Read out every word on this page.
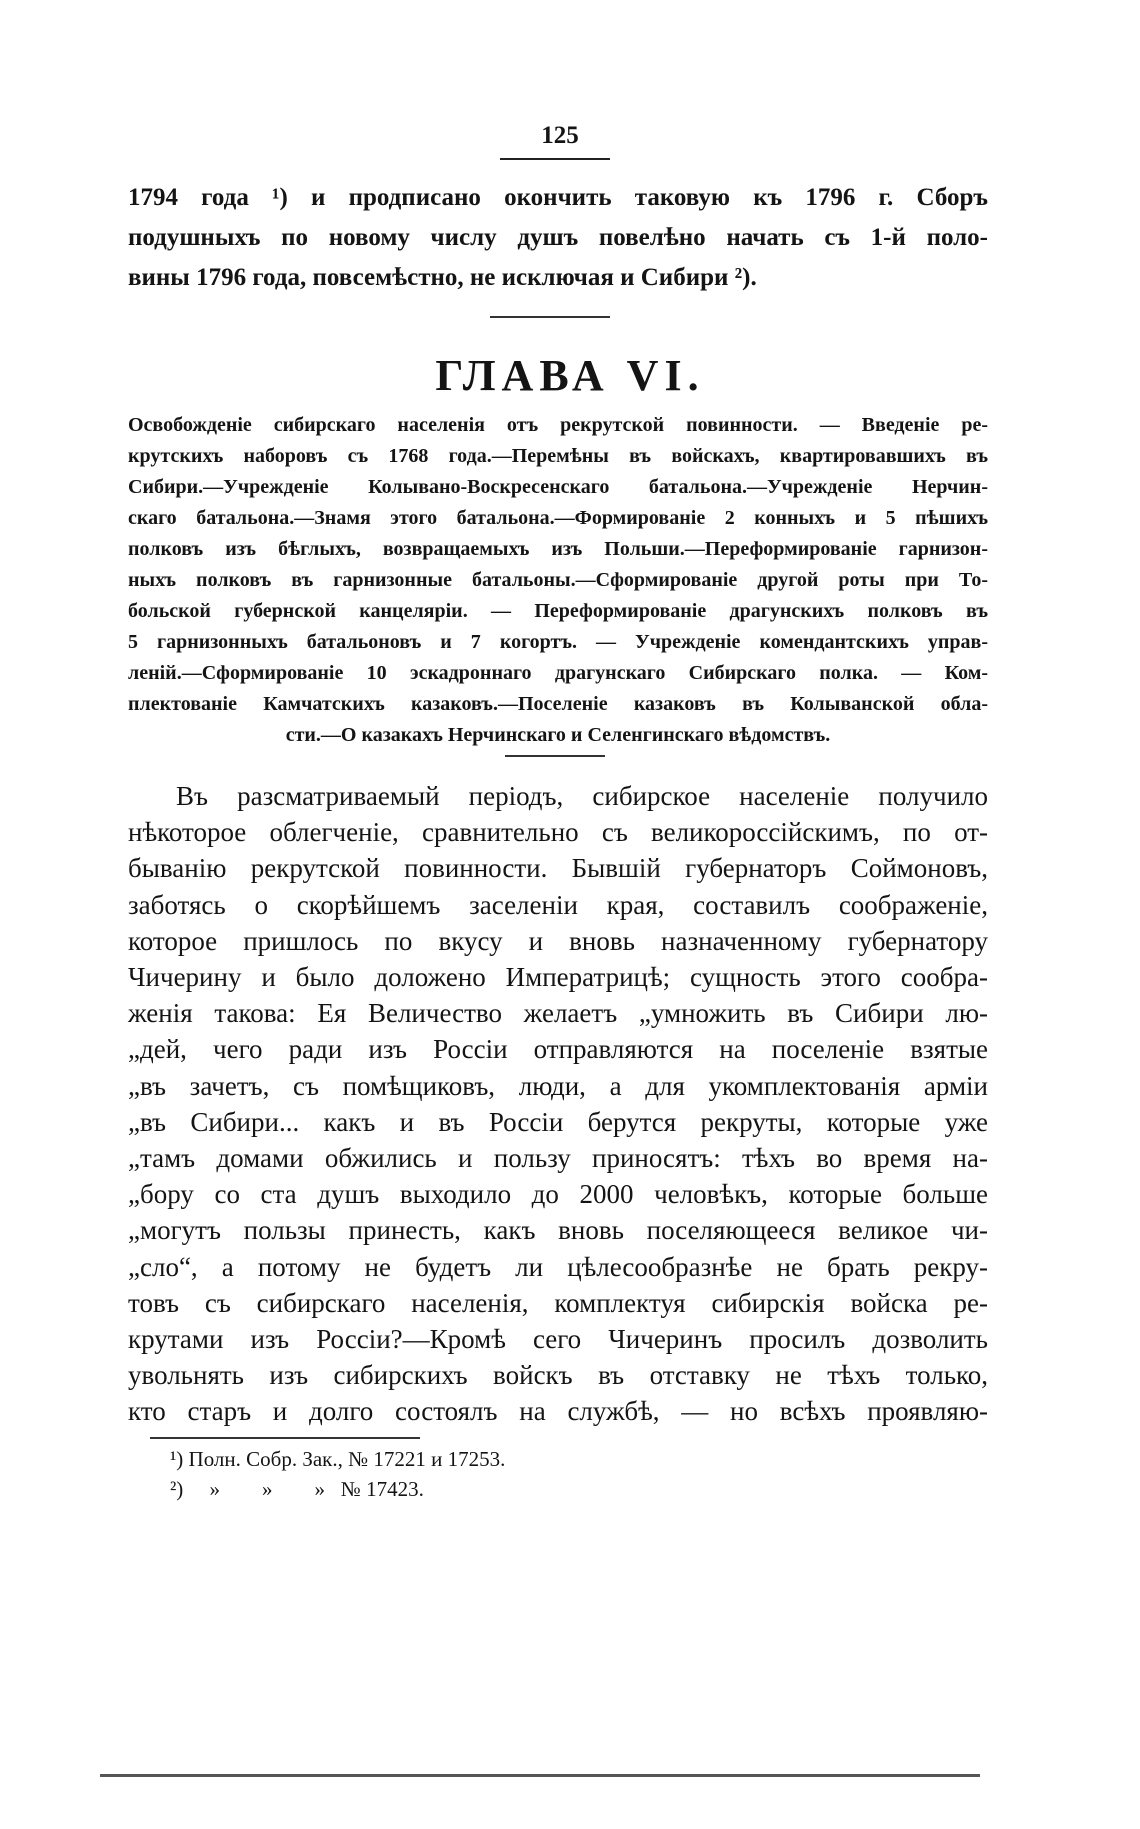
125
1794 года ¹) и продписано окончить таковую къ 1796 г. Сборъ
подушныхъ по новому числу душъ повелѣно начать съ 1-й поло-
вины 1796 года, повсемѣстно, не исключая и Сибири ²).
ГЛАВА VI.
Освобожденіе сибирскаго населенія отъ рекрутской повинности. — Введеніе ре-
крутскихъ наборовъ съ 1768 года.—Перемѣны въ войскахъ, квартировавшихъ въ
Сибири.—Учрежденіе Колывано-Воскресенскаго батальона.—Учрежденіе Нерчин-
скаго батальона.—Знамя этого батальона.—Формированіе 2 конныхъ и 5 пѣшихъ
полковъ изъ бѣглыхъ, возвращаемыхъ изъ Польши.—Переформированіе гарнизон-
ныхъ полковъ въ гарнизонные батальоны.—Сформированіе другой роты при То-
больской губернской канцеляріи. — Переформированіе драгунскихъ полковъ въ
5 гарнизонныхъ батальоновъ и 7 когортъ. — Учрежденіе комендантскихъ управ-
леній.—Сформированіе 10 эскадроннаго драгунскаго Сибирскаго полка. — Ком-
плектованіе Камчатскихъ казаковъ.—Поселеніе казаковъ въ Колыванской обла-
сти.—О казакахъ Нерчинскаго и Селенгинскаго вѣдомствъ.
Въ разсматриваемый періодъ, сибирское населеніе получило
нѣкоторое облегченіе, сравнительно съ великороссійскимъ, по от-
быванію рекрутской повинности. Бывшій губернаторъ Соймоновъ,
заботясь о скорѣйшемъ заселеніи края, составилъ соображеніе,
которое пришлось по вкусу и вновь назначенному губернатору
Чичерину и было доложено Императрицѣ; сущность этого сообра-
женія такова: Ея Величество желаетъ „умножить въ Сибири лю-
„дей, чего ради изъ Россіи отправляются на поселеніе взятые
„въ зачетъ, съ помѣщиковъ, люди, а для укомплектованія арміи
„въ Сибири... какъ и въ Россіи берутся рекруты, которые уже
„тамъ домами обжились и пользу приносятъ: тѣхъ во время на-
„бору со ста душъ выходило до 2000 человѣкъ, которые больше
„могутъ пользы принесть, какъ вновь поселяющееся великое чи-
„сло“, а потому не будетъ ли цѣлесообразнѣе не брать рекру-
товъ съ сибирскаго населенія, комплектуя сибирскія войска ре-
крутами изъ Россіи?—Кромѣ сего Чичеринъ просилъ дозволить
увольнять изъ сибирскихъ войскъ въ отставку не тѣхъ только,
кто старъ и долго состоялъ на службѣ, — но всѣхъ проявляю-
¹) Полн. Собр. Зак., № 17221 и 17253.
²)     »        »        »   № 17423.
